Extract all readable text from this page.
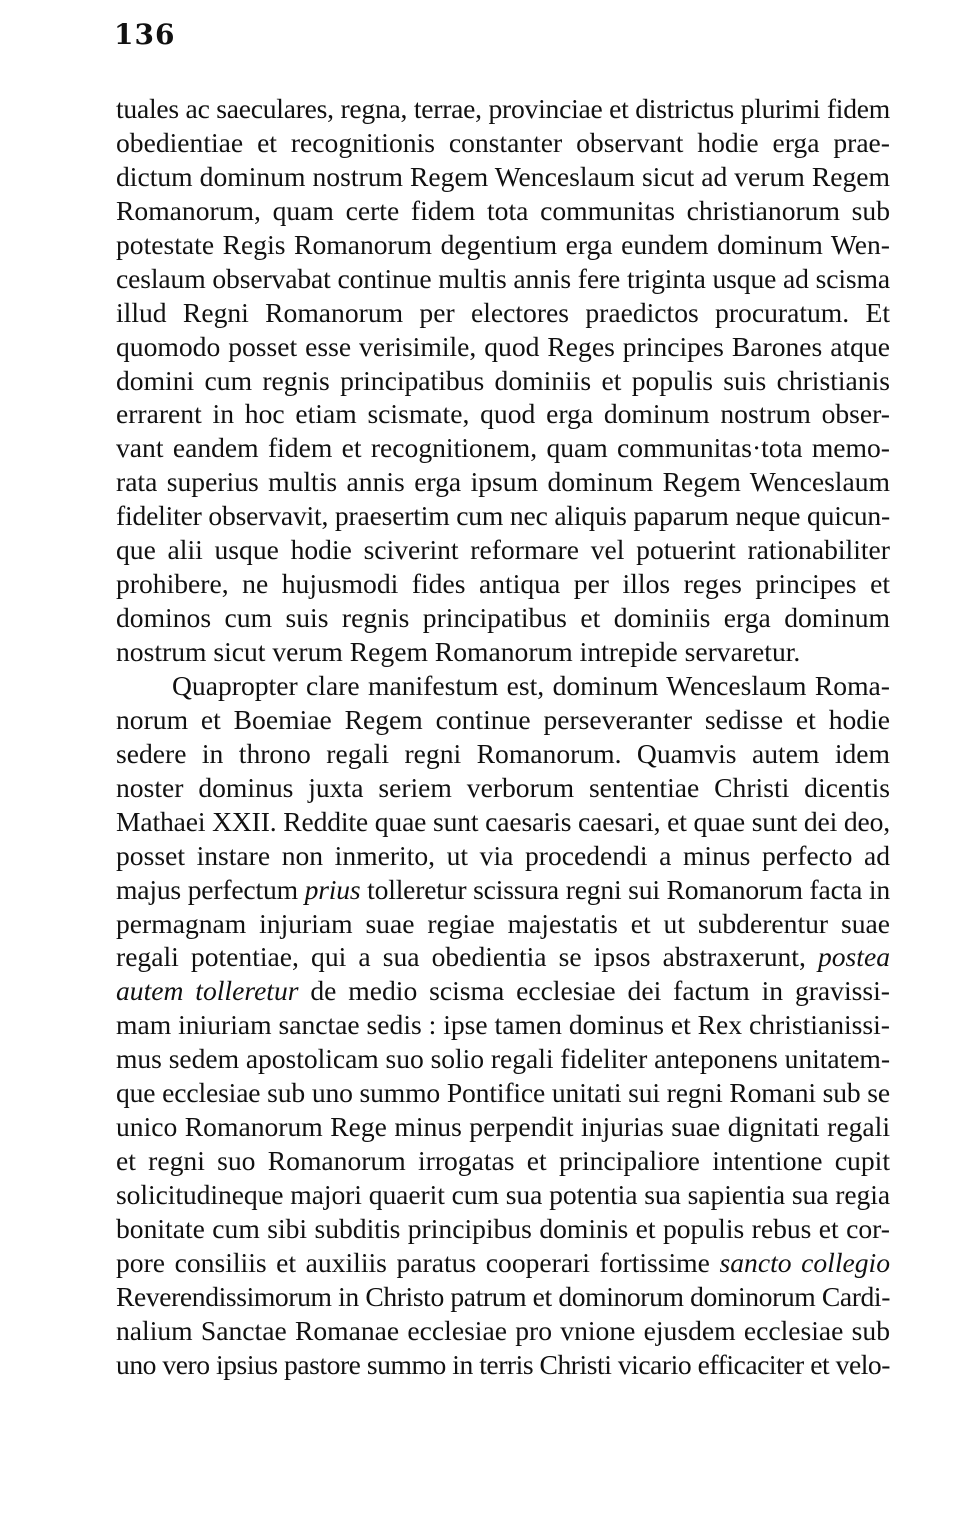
136
tuales ac saeculares, regna, terrae, provinciae et districtus plurimi fidem
obedientiae et recognitionis constanter observant hodie erga prae-
dictum dominum nostrum Regem Wenceslaum sicut ad verum Regem
Romanorum, quam certe fidem tota communitas christianorum sub
potestate Regis Romanorum degentium erga eundem dominum Wen-
ceslaum observabat continue multis annis fere triginta usque ad scisma
illud Regni Romanorum per electores praedictos procuratum. Et
quomodo posset esse verisimile, quod Reges principes Barones atque
domini cum regnis principatibus dominiis et populis suis christianis
errarent in hoc etiam scismate, quod erga dominum nostrum obser-
vant eandem fidem et recognitionem, quam communitas·tota memo-
rata superius multis annis erga ipsum dominum Regem Wenceslaum
fideliter observavit, praesertim cum nec aliquis paparum neque quicun-
que alii usque hodie sciverint reformare vel potuerint rationabiliter
prohibere, ne hujusmodi fides antiqua per illos reges principes et
dominos cum suis regnis principatibus et dominiis erga dominum
nostrum sicut verum Regem Romanorum intrepide servaretur.
Quapropter clare manifestum est, dominum Wenceslaum Roma-
norum et Boemiae Regem continue perseveranter sedisse et hodie
sedere in throno regali regni Romanorum. Quamvis autem idem
noster dominus juxta seriem verborum sententiae Christi dicentis
Mathaei XXII. Reddite quae sunt caesaris caesari, et quae sunt dei deo,
posset instare non inmerito, ut via procedendi a minus perfecto ad
majus perfectum prius tolleretur scissura regni sui Romanorum facta in
permagnam injuriam suae regiae majestatis et ut subderentur suae
regali potentiae, qui a sua obedientia se ipsos abstraxerunt, postea
autem tolleretur de medio scisma ecclesiae dei factum in gravissi-
mam iniuriam sanctae sedis : ipse tamen dominus et Rex christianissi-
mus sedem apostolicam suo solio regali fideliter anteponens unitatem-
que ecclesiae sub uno summo Pontifice unitati sui regni Romani sub se
unico Romanorum Rege minus perpendit injurias suae dignitati regali
et regni suo Romanorum irrogatas et principaliore intentione cupit
solicitudineque majori quaerit cum sua potentia sua sapientia sua regia
bonitate cum sibi subditis principibus dominis et populis rebus et cor-
pore consiliis et auxiliis paratus cooperari fortissime sancto collegio
Reverendissimorum in Christo patrum et dominorum dominorum Cardi-
nalium Sanctae Romanae ecclesiae pro vnione ejusdem ecclesiae sub
uno vero ipsius pastore summo in terris Christi vicario efficaciter et velo-
